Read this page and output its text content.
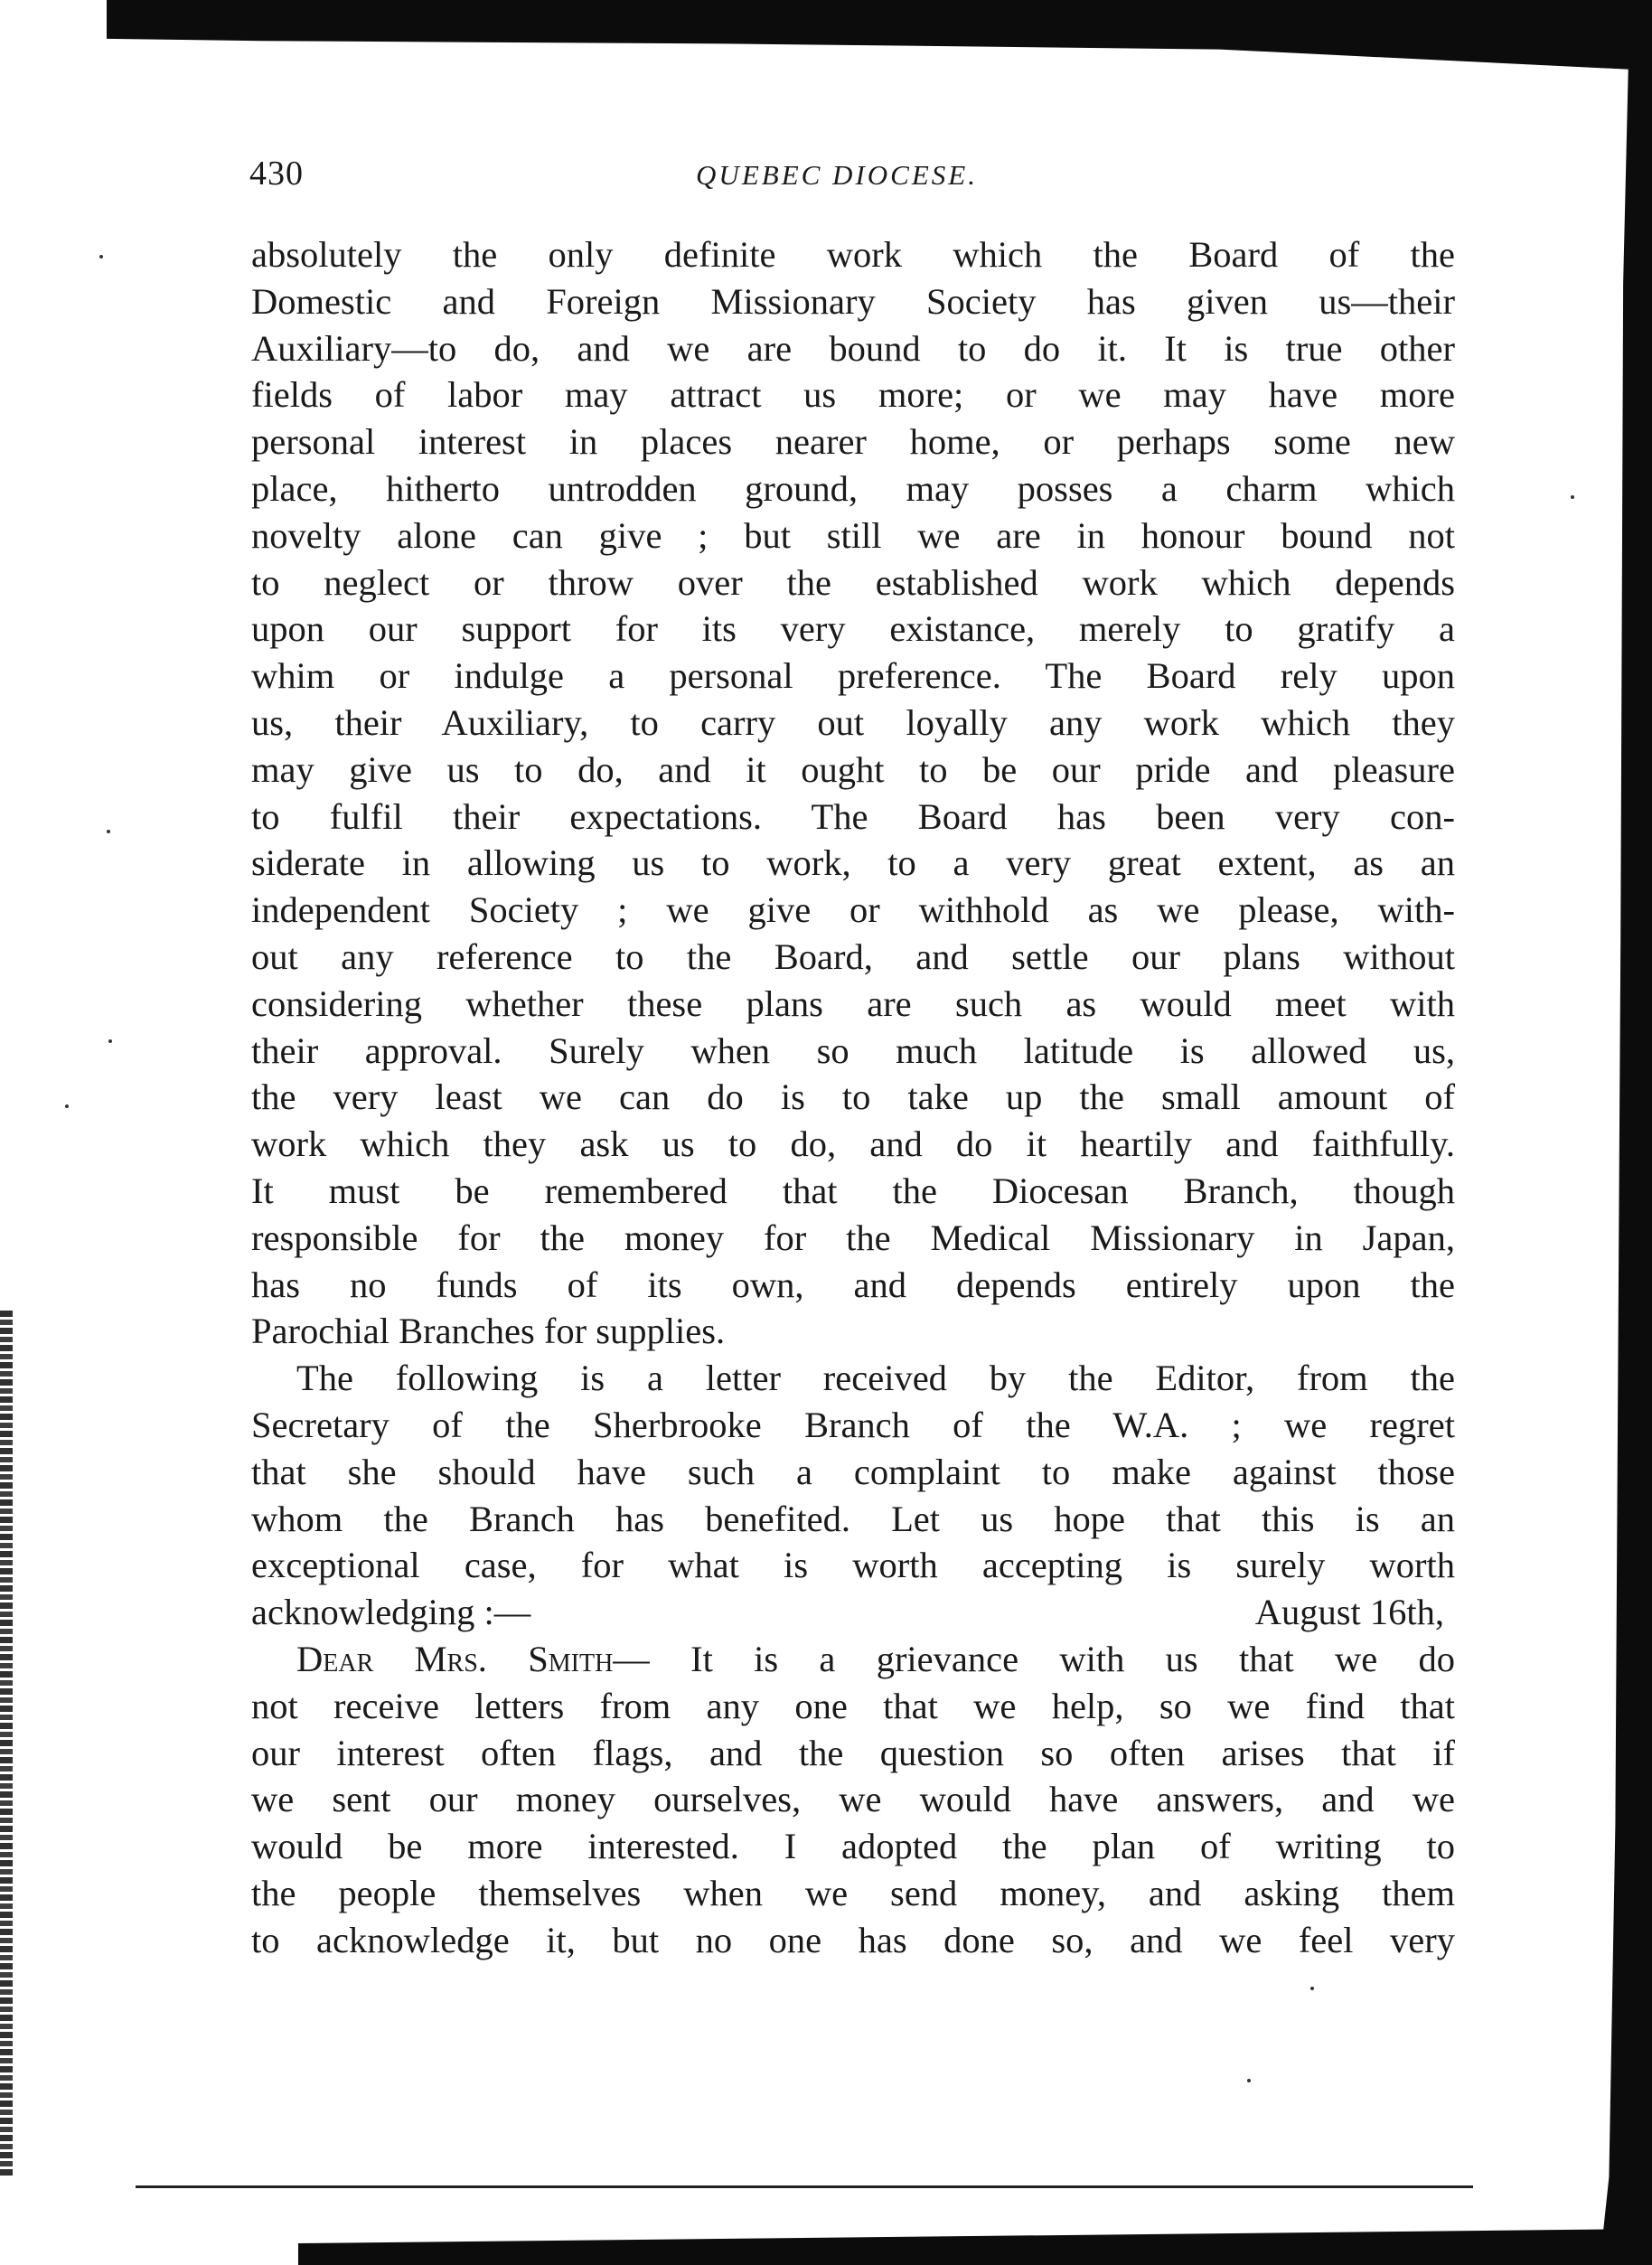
430	QUEBEC DIOCESE.
absolutely the only definite work which the Board of the
Domestic and Foreign Missionary Society has given us—their
Auxiliary—to do, and we are bound to do it. It is true other
fields of labor may attract us more; or we may have more
personal interest in places nearer home, or perhaps some new
place, hitherto untrodden ground, may posses a charm which
novelty alone can give ; but still we are in honour bound not
to neglect or throw over the established work which depends
upon our support for its very existance, merely to gratify a
whim or indulge a personal preference. The Board rely upon
us, their Auxiliary, to carry out loyally any work which they
may give us to do, and it ought to be our pride and pleasure
to fulfil their expectations. The Board has been very con-
siderate in allowing us to work, to a very great extent, as an
independent Society ; we give or withhold as we please, with-
out any reference to the Board, and settle our plans without
considering whether these plans are such as would meet with
their approval. Surely when so much latitude is allowed us,
the very least we can do is to take up the small amount of
work which they ask us to do, and do it heartily and faithfully.
It must be remembered that the Diocesan Branch, though
responsible for the money for the Medical Missionary in Japan,
has no funds of its own, and depends entirely upon the
Parochial Branches for supplies.
The following is a letter received by the Editor, from the
Secretary of the Sherbrooke Branch of the W.A. ; we regret
that she should have such a complaint to make against those
whom the Branch has benefited. Let us hope that this is an
exceptional case, for what is worth accepting is surely worth
acknowledging :—	August 16th,
Dear Mrs. Smith— It is a grievance with us that we do
not receive letters from any one that we help, so we find that
our interest often flags, and the question so often arises that if
we sent our money ourselves, we would have answers, and we
would be more interested. I adopted the plan of writing to
the people themselves when we send money, and asking them
to acknowledge it, but no one has done so, and we feel very
